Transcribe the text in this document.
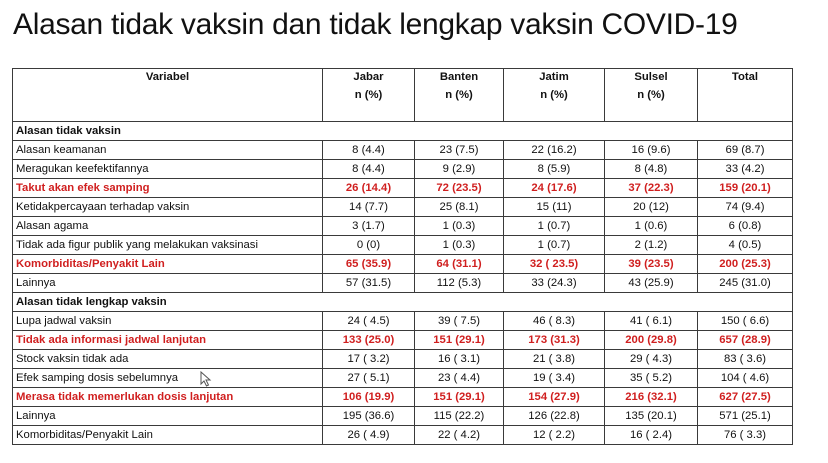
Alasan tidak vaksin dan tidak lengkap vaksin COVID-19
Variabel	Jabar	Banten	Jatim	Sulsel	Total
	n (%)	n (%)	n (%)	n (%)	
Alasan tidak vaksin					
Alasan keamanan	8 (4.4)	23 (7.5)	22 (16.2)	16 (9.6)	69 (8.7)
Meragukan keefektifannya	8 (4.4)	9 (2.9)	8 (5.9)	8 (4.8)	33 (4.2)
Takut akan efek samping	26 (14.4)	72 (23.5)	24 (17.6)	37 (22.3)	159 (20.1)
Ketidakpercayaan terhadap vaksin	14 (7.7)	25 (8.1)	15 (11)	20 (12)	74 (9.4)
Alasan agama	3 (1.7)	1 (0.3)	1 (0.7)	1 (0.6)	6 (0.8)
Tidak ada figur publik yang melakukan vaksinasi	0 (0)	1 (0.3)	1 (0.7)	2 (1.2)	4 (0.5)
Komorbiditas/Penyakit Lain	65 (35.9)	64 (31.1)	32 ( 23.5)	39 (23.5)	200 (25.3)
Lainnya	57 (31.5)	112 (5.3)	33 (24.3)	43 (25.9)	245 (31.0)
Alasan tidak lengkap vaksin					
Lupa jadwal vaksin	24 ( 4.5)	39 ( 7.5)	46 ( 8.3)	41 ( 6.1)	150 ( 6.6)
Tidak ada informasi jadwal lanjutan	133 (25.0)	151 (29.1)	173 (31.3)	200 (29.8)	657 (28.9)
Stock vaksin tidak ada	17 ( 3.2)	16 ( 3.1)	21 ( 3.8)	29 ( 4.3)	83 ( 3.6)
Efek samping dosis sebelumnya	27 ( 5.1)	23 ( 4.4)	19 ( 3.4)	35 ( 5.2)	104 ( 4.6)
Merasa tidak memerlukan dosis lanjutan	106 (19.9)	151 (29.1)	154 (27.9)	216 (32.1)	627 (27.5)
Lainnya	195 (36.6)	115 (22.2)	126 (22.8)	135 (20.1)	571 (25.1)
Komorbiditas/Penyakit Lain	26 ( 4.9)	22 ( 4.2)	12 ( 2.2)	16 ( 2.4)	76 ( 3.3)
